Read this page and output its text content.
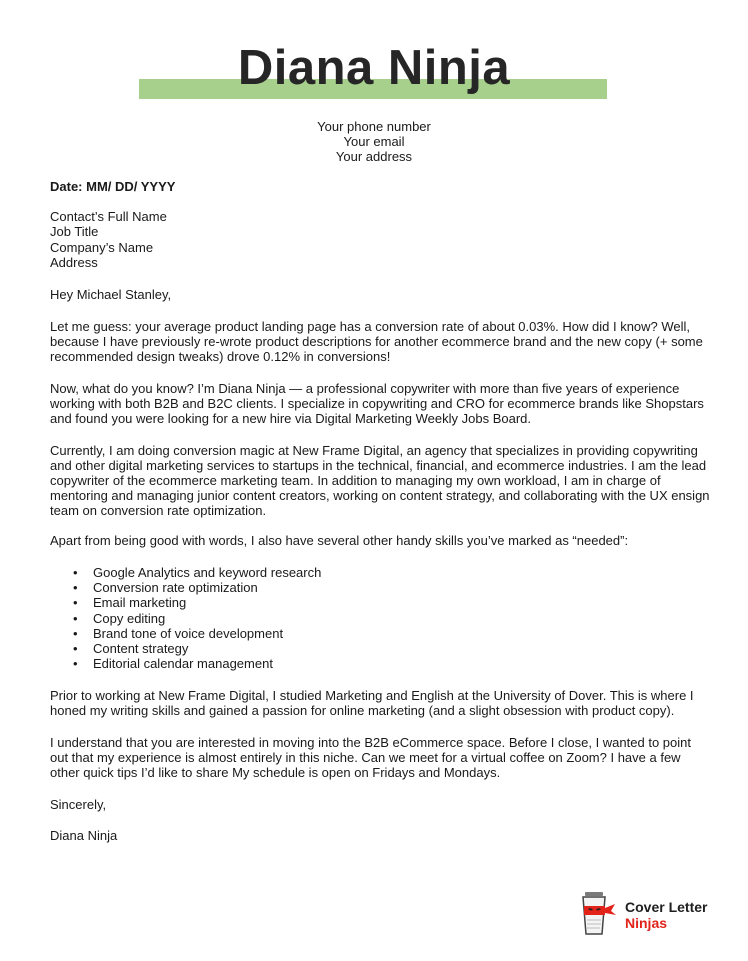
Diana Ninja
Your phone number
Your email
Your address
Date: MM/ DD/ YYYY
Contact’s Full Name
Job Title
Company’s Name
Address
Hey Michael Stanley,

Let me guess: your average product landing page has a conversion rate of about 0.03%. How did I know? Well, because I have previously re-wrote product descriptions for another ecommerce brand and the new copy (+ some recommended design tweaks) drove 0.12% in conversions!

Now, what do you know? I’m Diana Ninja — a professional copywriter with more than five years of experience working with both B2B and B2C clients. I specialize in copywriting and CRO for ecommerce brands like Shopstars and found you were looking for a new hire via Digital Marketing Weekly Jobs Board.

Currently, I am doing conversion magic at New Frame Digital, an agency that specializes in providing copywriting and other digital marketing services to startups in the technical, financial, and ecommerce industries. I am the lead copywriter of the ecommerce marketing team. In addition to managing my own workload, I am in charge of mentoring and managing junior content creators, working on content strategy, and collaborating with the UX ensign team on conversion rate optimization.

Apart from being good with words, I also have several other handy skills you’ve marked as “needed”:

• Google Analytics and keyword research
• Conversion rate optimization
• Email marketing
• Copy editing
• Brand tone of voice development
• Content strategy
• Editorial calendar management

Prior to working at New Frame Digital, I studied Marketing and English at the University of Dover. This is where I honed my writing skills and gained a passion for online marketing (and a slight obsession with product copy).

I understand that you are interested in moving into the B2B eCommerce space. Before I close, I wanted to point out that my experience is almost entirely in this niche. Can we meet for a virtual coffee on Zoom? I have a few other quick tips I’d like to share My schedule is open on Fridays and Mondays.

Sincerely,
Diana Ninja
Cover Letter
Ninjas
